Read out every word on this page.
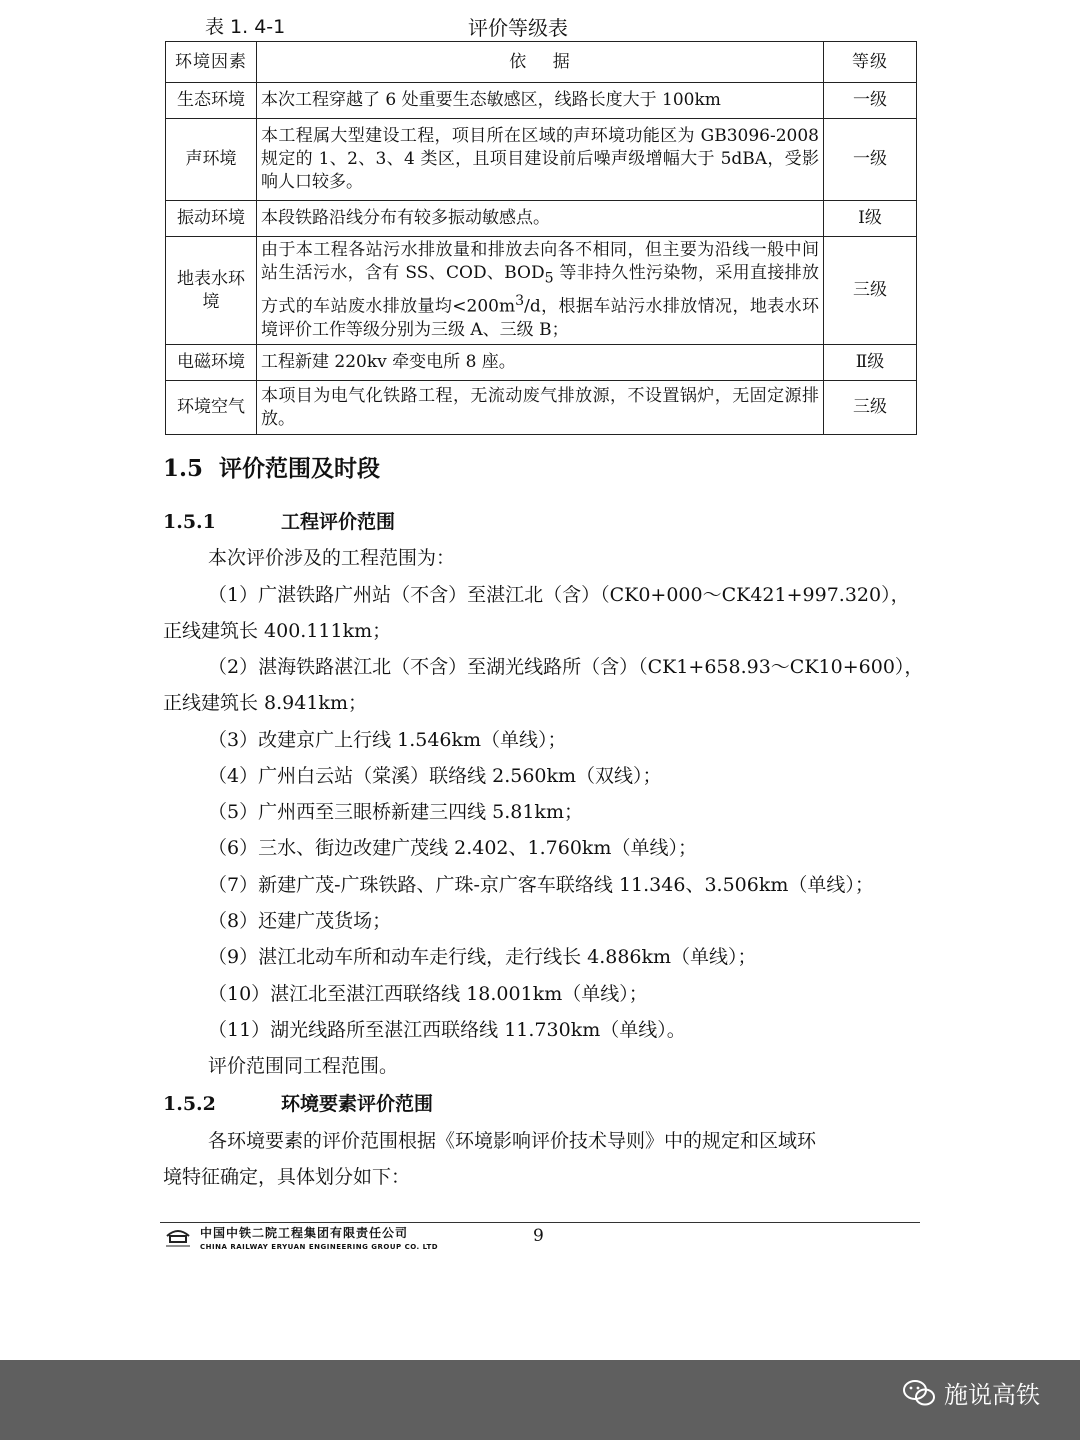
表 1. 4-1	评价等级表
环境因素	依    据	等级
生态环境	本次工程穿越了 6 处重要生态敏感区，线路长度大于 100km	一级
声环境	本工程属大型建设工程，项目所在区域的声环境功能区为 GB3096-2008 规定的 1、2、3、4 类区，且项目建设前后噪声级增幅大于 5dBA，受影响人口较多。	一级
振动环境	本段铁路沿线分布有较多振动敏感点。	Ⅰ级
地表水环境	由于本工程各站污水排放量和排放去向各不相同，但主要为沿线一般中间站生活污水，含有 SS、COD、$BOD_5$ 等非持久性污染物，采用直接排放方式的车站废水排放量均$<200m^3/d$，根据车站污水排放情况，地表水环境评价工作等级分别为三级 A、三级 B；	三级
电磁环境	工程新建 220kv 牵变电所 8 座。	Ⅱ级
环境空气	本项目为电气化铁路工程，无流动废气排放源，不设置锅炉，无固定源排放。	三级
1.5 评价范围及时段
1.5.1	工程评价范围
本次评价涉及的工程范围为：
（1）广湛铁路广州站（不含）至湛江北（含）（CK0+000～CK421+997.320），
正线建筑长 400.111km；
（2）湛海铁路湛江北（不含）至湖光线路所（含）（CK1+658.93～CK10+600），
正线建筑长 8.941km；
（3）改建京广上行线 1.546km（单线）；
（4）广州白云站（棠溪）联络线 2.560km（双线）；
（5）广州西至三眼桥新建三四线 5.81km；
（6）三水、街边改建广茂线 2.402、1.760km（单线）；
（7）新建广茂-广珠铁路、广珠-京广客车联络线 11.346、3.506km（单线）；
（8）还建广茂货场；
（9）湛江北动车所和动车走行线，走行线长 4.886km（单线）；
（10）湛江北至湛江西联络线 18.001km（单线）；
（11）湖光线路所至湛江西联络线 11.730km（单线）。
评价范围同工程范围。
1.5.2	环境要素评价范围
各环境要素的评价范围根据《环境影响评价技术导则》中的规定和区域环
境特征确定，具体划分如下：
中国中铁二院工程集团有限责任公司
CHINA RAILWAY ERYUAN ENGINEERING GROUP CO. LTD
9
施说高铁
